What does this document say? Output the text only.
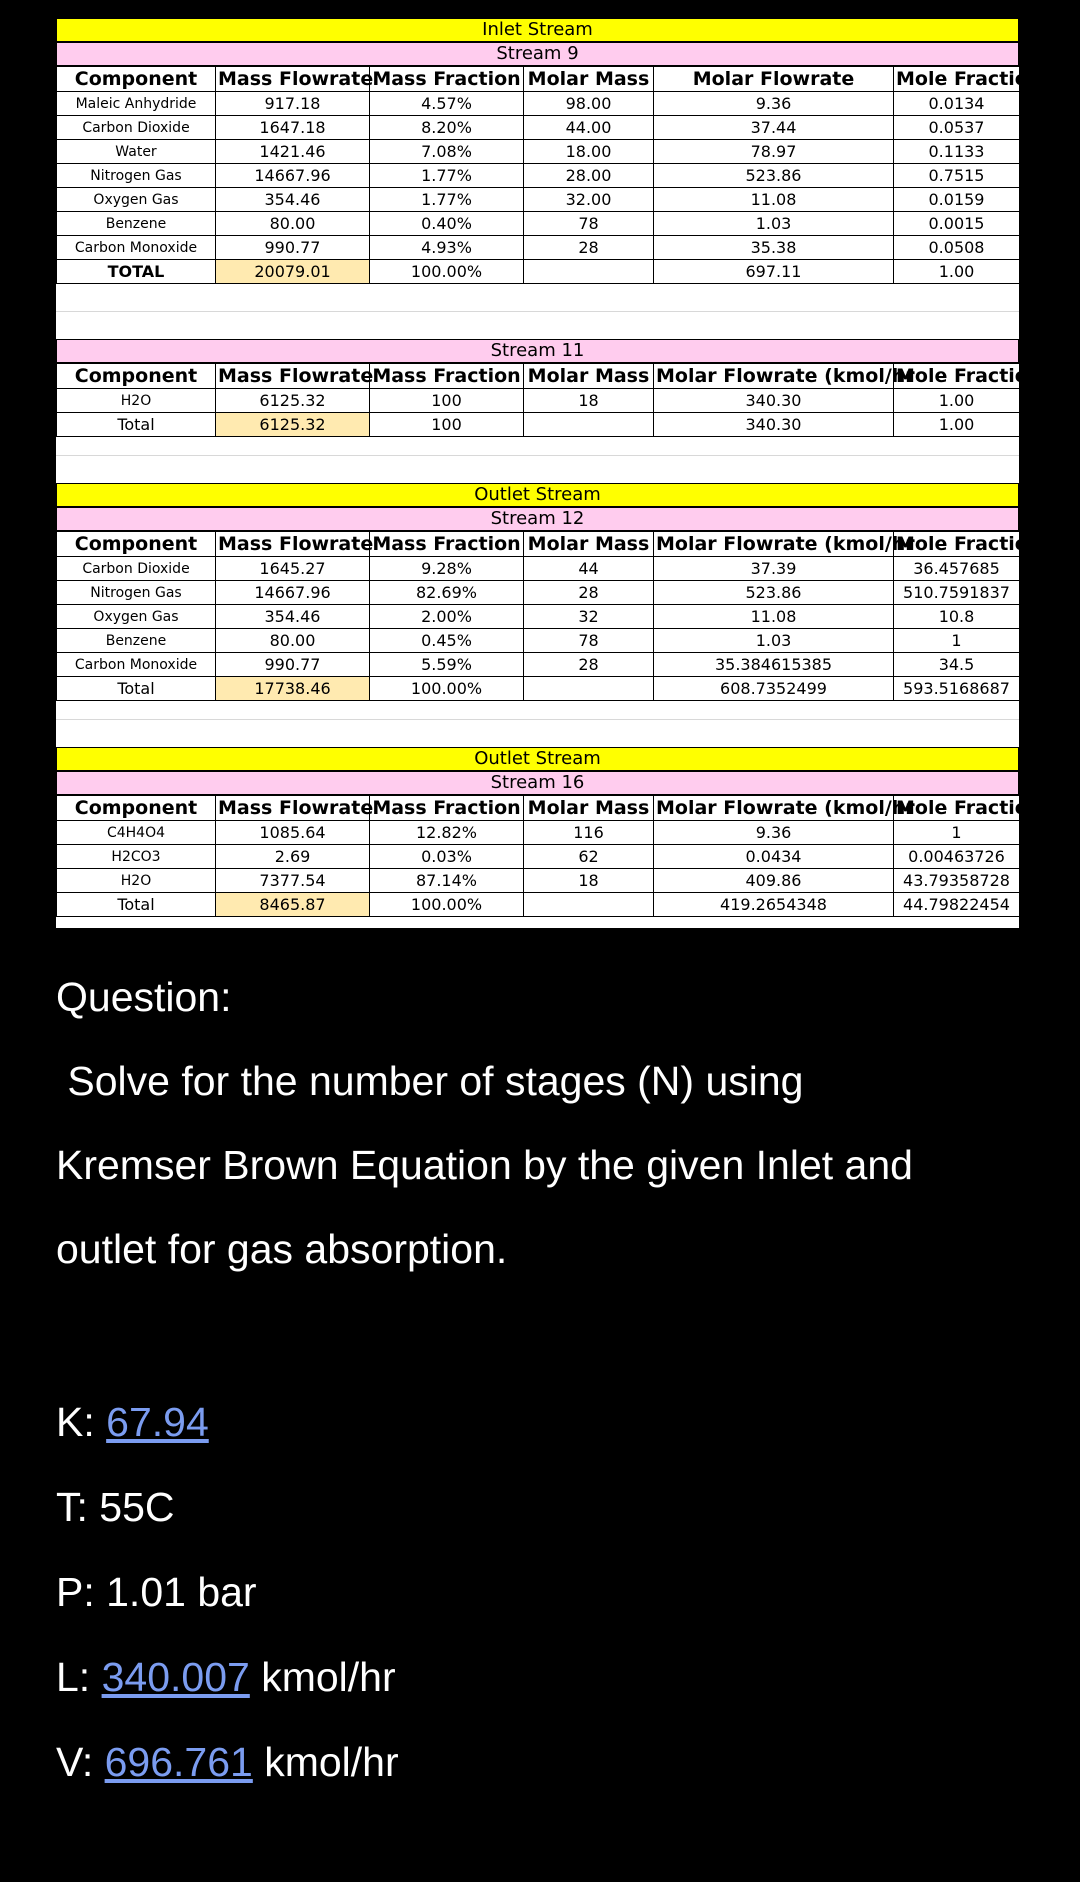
Inlet Stream
Stream 9
Component	Mass Flowrate	Mass Fraction	Molar Mass	Molar Flowrate	Mole Fraction
Maleic Anhydride	917.18	4.57%	98.00	9.36	0.0134
Carbon Dioxide	1647.18	8.20%	44.00	37.44	0.0537
Water	1421.46	7.08%	18.00	78.97	0.1133
Nitrogen Gas	14667.96	1.77%	28.00	523.86	0.7515
Oxygen Gas	354.46	1.77%	32.00	11.08	0.0159
Benzene	80.00	0.40%	78	1.03	0.0015
Carbon Monoxide	990.77	4.93%	28	35.38	0.0508
TOTAL	20079.01	100.00%		697.11	1.00
Stream 11
Component	Mass Flowrate	Mass Fraction	Molar Mass	Molar Flowrate (kmol/hr	Mole Fraction
H2O	6125.32	100	18	340.30	1.00
Total	6125.32	100		340.30	1.00
Outlet Stream
Stream 12
Component	Mass Flowrate	Mass Fraction	Molar Mass	Molar Flowrate (kmol/hr	Mole Fraction
Carbon Dioxide	1645.27	9.28%	44	37.39	36.457685
Nitrogen Gas	14667.96	82.69%	28	523.86	510.7591837
Oxygen Gas	354.46	2.00%	32	11.08	10.8
Benzene	80.00	0.45%	78	1.03	1
Carbon Monoxide	990.77	5.59%	28	35.384615385	34.5
Total	17738.46	100.00%		608.7352499	593.5168687
Outlet Stream
Stream 16
Component	Mass Flowrate	Mass Fraction	Molar Mass	Molar Flowrate (kmol/hr	Mole Fraction
C4H4O4	1085.64	12.82%	116	9.36	1
H2CO3	2.69	0.03%	62	0.0434	0.00463726
H2O	7377.54	87.14%	18	409.86	43.79358728
Total	8465.87	100.00%		419.2654348	44.79822454
Question:
Solve for the number of stages (N) using
Kremser Brown Equation by the given Inlet and
outlet for gas absorption.
K: 67.94
T: 55C
P: 1.01 bar
L: 340.007 kmol/hr
V: 696.761 kmol/hr
